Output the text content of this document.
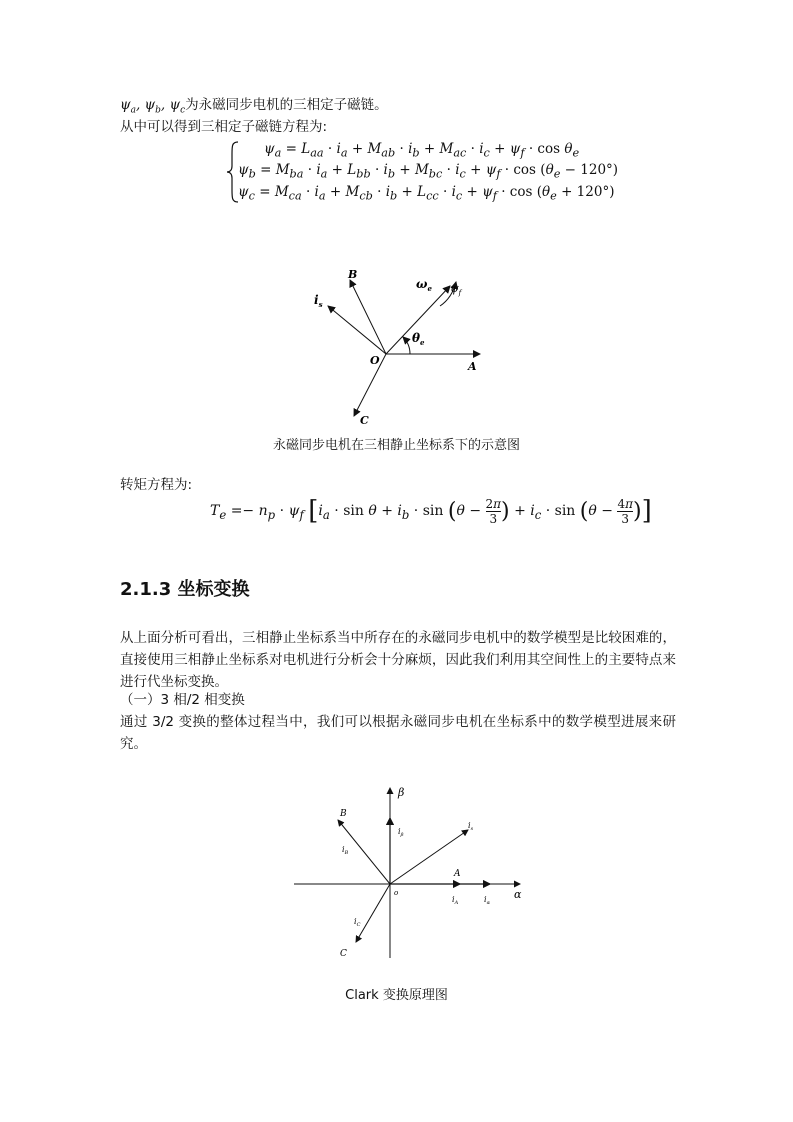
$\psi_a$, $\psi_b$, $\psi_c$为永磁同步电机的三相定子磁链。
从中可以得到三相定子磁链方程为:
$\psi_a = L_{aa} \cdot i_a + M_{ab} \cdot i_b + M_{ac} \cdot i_c + \psi_f \cdot \cos \theta_e$
$\psi_b = M_{ba} \cdot i_a + L_{bb} \cdot i_b + M_{bc} \cdot i_c + \psi_f \cdot \cos (\theta_e - 120^\circ)$
$\psi_c = M_{ca} \cdot i_a + M_{cb} \cdot i_b + L_{cc} \cdot i_c + \psi_f \cdot \cos (\theta_e + 120^\circ)$
B
A
C
O
$i_s$
$\omega_e$ $\psi_f$
$\theta_e$
永磁同步电机在三相静止坐标系下的示意图
转矩方程为:
$T_e =- n_p \cdot \psi_f$ [$i_a \cdot \sin \theta + i_b \cdot \sin (\theta - \frac{2\pi}{3}$ ) + $i_c \cdot \sin (\theta - \frac{4\pi}{3}$ )]
2.1.3 坐标变换
从上面分析可看出，三相静止坐标系当中所存在的永磁同步电机中的数学模型是比较困难的，直接使用三相静止坐标系对电机进行分析会十分麻烦，因此我们利用其空间性上的主要特点来进行代坐标变换。
（一）3 相/2 相变换
通过 3/2 变换的整体过程当中，我们可以根据永磁同步电机在坐标系中的数学模型进展来研究。
β
α
B
A
C
o
$i_s$
$i_\beta$
$i_B$
$i_A$	$i_\alpha$
$i_C$
Clark 变换原理图
